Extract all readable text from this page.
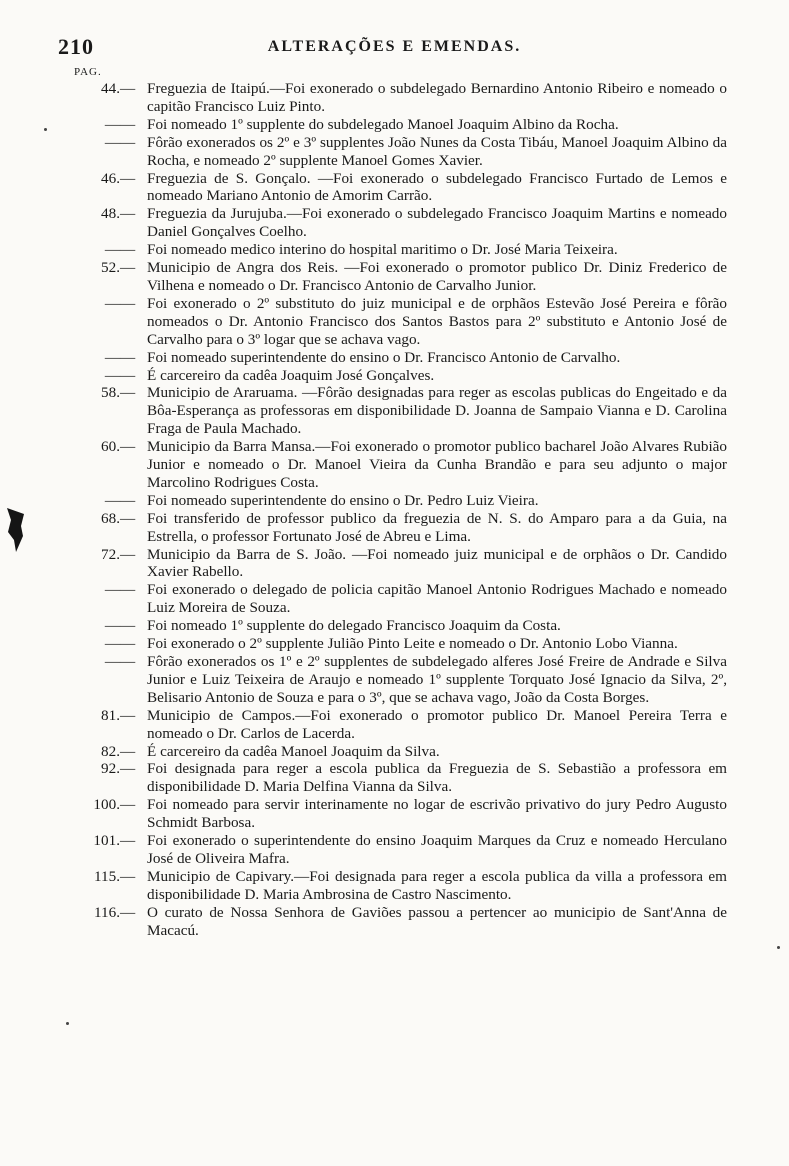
210	ALTERAÇÕES E EMENDAS.
PAG.
44. — Freguezia de Itaipú.—Foi exonerado o subdelegado Bernardino Antonio Ribeiro e nomeado o capitão Francisco Luiz Pinto.
— — Foi nomeado 1º supplente do subdelegado Manoel Joaquim Albino da Rocha.
— — Fôrão exonerados os 2º e 3º supplentes João Nunes da Costa Tibáu, Manoel Joaquim Albino da Rocha, e nomeado 2º supplente Manoel Gomes Xavier.
46. — Freguezia de S. Gonçalo. —Foi exonerado o subdelegado Francisco Furtado de Lemos e nomeado Mariano Antonio de Amorim Carrão.
48. — Freguezia da Jurujuba.—Foi exonerado o subdelegado Francisco Joaquim Martins e nomeado Daniel Gonçalves Coelho.
— — Foi nomeado medico interino do hospital maritimo o Dr. José Maria Teixeira.
52. — Municipio de Angra dos Reis. —Foi exonerado o promotor publico Dr. Diniz Frederico de Vilhena e nomeado o Dr. Francisco Antonio de Carvalho Junior.
— — Foi exonerado o 2º substituto do juiz municipal e de orphãos Estevão José Pereira e fôrão nomeados o Dr. Antonio Francisco dos Santos Bastos para 2º substituto e Antonio José de Carvalho para o 3º logar que se achava vago.
— — Foi nomeado superintendente do ensino o Dr. Francisco Antonio de Carvalho.
— — É carcereiro da cadêa Joaquim José Gonçalves.
58. — Municipio de Araruama. —Fôrão designadas para reger as escolas publicas do Engeitado e da Bôa-Esperança as professoras em disponibilidade D. Joanna de Sampaio Vianna e D. Carolina Fraga de Paula Machado.
60. — Municipio da Barra Mansa.—Foi exonerado o promotor publico bacharel João Alvares Rubião Junior e nomeado o Dr. Manoel Vieira da Cunha Brandão e para seu adjunto o major Marcolino Rodrigues Costa.
— — Foi nomeado superintendente do ensino o Dr. Pedro Luiz Vieira.
68. — Foi transferido de professor publico da freguezia de N. S. do Amparo para a da Guia, na Estrella, o professor Fortunato José de Abreu e Lima.
72. — Municipio da Barra de S. João. —Foi nomeado juiz municipal e de orphãos o Dr. Candido Xavier Rabello.
— — Foi exonerado o delegado de policia capitão Manoel Antonio Rodrigues Machado e nomeado Luiz Moreira de Souza.
— — Foi nomeado 1º supplente do delegado Francisco Joaquim da Costa.
— — Foi exonerado o 2º supplente Julião Pinto Leite e nomeado o Dr. Antonio Lobo Vianna.
— — Fôrão exonerados os 1º e 2º supplentes de subdelegado alferes José Freire de Andrade e Silva Junior e Luiz Teixeira de Araujo e nomeado 1º supplente Torquato José Ignacio da Silva, 2º, Belisario Antonio de Souza e para o 3º, que se achava vago, João da Costa Borges.
81. — Municipio de Campos.—Foi exonerado o promotor publico Dr. Manoel Pereira Terra e nomeado o Dr. Carlos de Lacerda.
82. — É carcereiro da cadêa Manoel Joaquim da Silva.
92. — Foi designada para reger a escola publica da Freguezia de S. Sebastião a professora em disponibilidade D. Maria Delfina Vianna da Silva.
100. — Foi nomeado para servir interinamente no logar de escrivão privativo do jury Pedro Augusto Schmidt Barbosa.
101. — Foi exonerado o superintendente do ensino Joaquim Marques da Cruz e nomeado Herculano José de Oliveira Mafra.
115. — Municipio de Capivary.—Foi designada para reger a escola publica da villa a professora em disponibilidade D. Maria Ambrosina de Castro Nascimento.
116. — O curato de Nossa Senhora de Gaviões passou a pertencer ao municipio de Sant'Anna de Macacú.
